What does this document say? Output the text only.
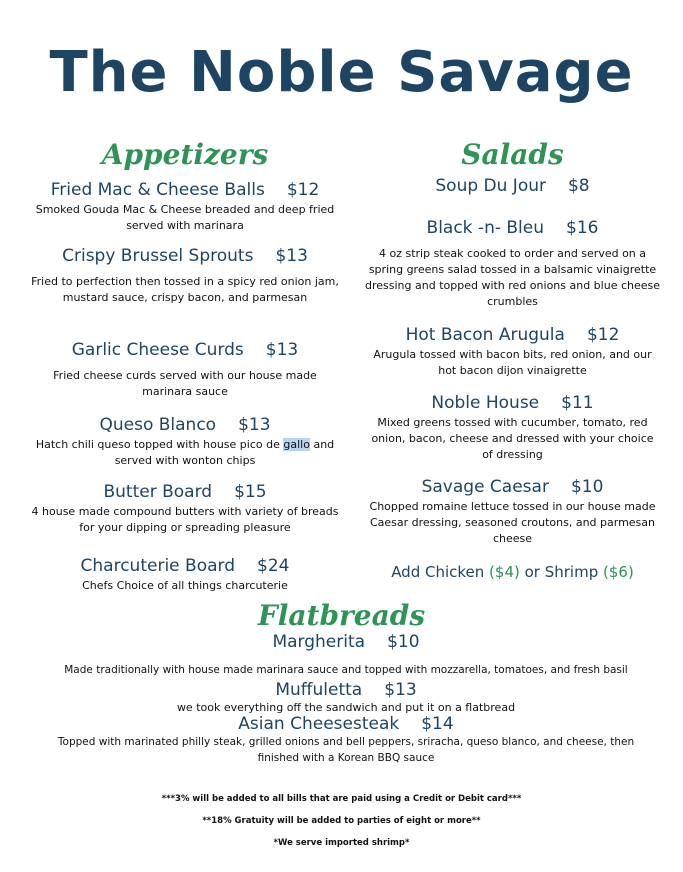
The Noble Savage
Appetizers	Salads
Flatbreads
Fried Mac & Cheese Balls $12
Smoked Gouda Mac & Cheese breaded and deep fried served with marinara
Crispy Brussel Sprouts $13
Fried to perfection then tossed in a spicy red onion jam, mustard sauce, crispy bacon, and parmesan
Garlic Cheese Curds $13
Fried cheese curds served with our house made marinara sauce
Queso Blanco $13
Hatch chili queso topped with house pico de gallo and served with wonton chips
Butter Board $15
4 house made compound butters with variety of breads for your dipping or spreading pleasure
Charcuterie Board $24
Chefs Choice of all things charcuterie
Soup Du Jour $8
Black -n- Bleu $16
4 oz strip steak cooked to order and served on a spring greens salad tossed in a balsamic vinaigrette dressing and topped with red onions and blue cheese crumbles
Hot Bacon Arugula $12
Arugula tossed with bacon bits, red onion, and our hot bacon dijon vinaigrette
Noble House $11
Mixed greens tossed with cucumber, tomato, red onion, bacon, cheese and dressed with your choice of dressing
Savage Caesar $10
Chopped romaine lettuce tossed in our house made Caesar dressing, seasoned croutons, and parmesan cheese
Add Chicken ($4) or Shrimp ($6)
Margherita $10
Made traditionally with house made marinara sauce and topped with mozzarella, tomatoes, and fresh basil
Muffuletta $13
we took everything off the sandwich and put it on a flatbread
Asian Cheesesteak $14
Topped with marinated philly steak, grilled onions and bell peppers, sriracha, queso blanco, and cheese, then finished with a Korean BBQ sauce
***3% will be added to all bills that are paid using a Credit or Debit card***
**18% Gratuity will be added to parties of eight or more**
*We serve imported shrimp*
